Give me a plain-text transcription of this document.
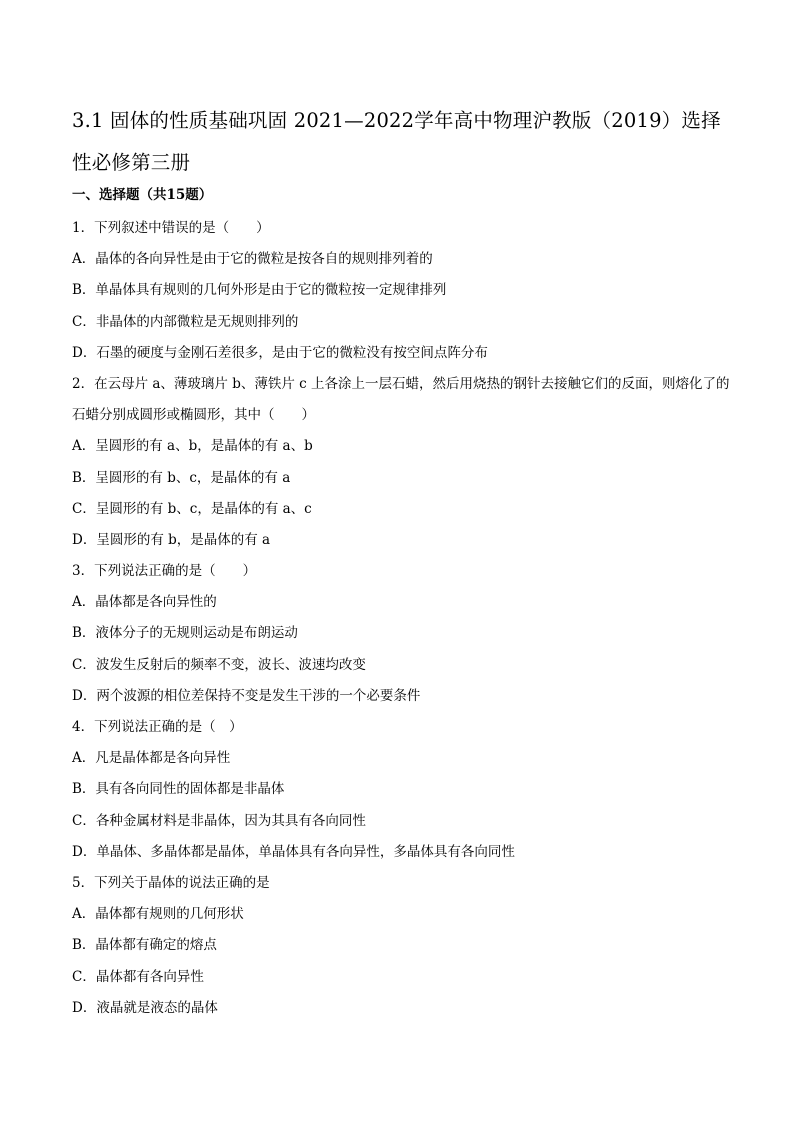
3.1 固体的性质基础巩固 2021—2022学年高中物理沪教版（2019）选择性必修第三册
一、选择题（共15题）
1．下列叙述中错误的是（　　）
A．晶体的各向异性是由于它的微粒是按各自的规则排列着的
B．单晶体具有规则的几何外形是由于它的微粒按一定规律排列
C．非晶体的内部微粒是无规则排列的
D．石墨的硬度与金刚石差很多，是由于它的微粒没有按空间点阵分布
2．在云母片 a、薄玻璃片 b、薄铁片 c 上各涂上一层石蜡，然后用烧热的钢针去接触它们的反面，则熔化了的石蜡分别成圆形或椭圆形，其中（　　）
A．呈圆形的有 a、b，是晶体的有 a、b
B．呈圆形的有 b、c，是晶体的有 a
C．呈圆形的有 b、c，是晶体的有 a、c
D．呈圆形的有 b，是晶体的有 a
3．下列说法正确的是（　　）
A．晶体都是各向异性的
B．液体分子的无规则运动是布朗运动
C．波发生反射后的频率不变，波长、波速均改变
D．两个波源的相位差保持不变是发生干涉的一个必要条件
4．下列说法正确的是（　）
A．凡是晶体都是各向异性
B．具有各向同性的固体都是非晶体
C．各种金属材料是非晶体，因为其具有各向同性
D．单晶体、多晶体都是晶体，单晶体具有各向异性，多晶体具有各向同性
5．下列关于晶体的说法正确的是
A．晶体都有规则的几何形状
B．晶体都有确定的熔点
C．晶体都有各向异性
D．液晶就是液态的晶体
